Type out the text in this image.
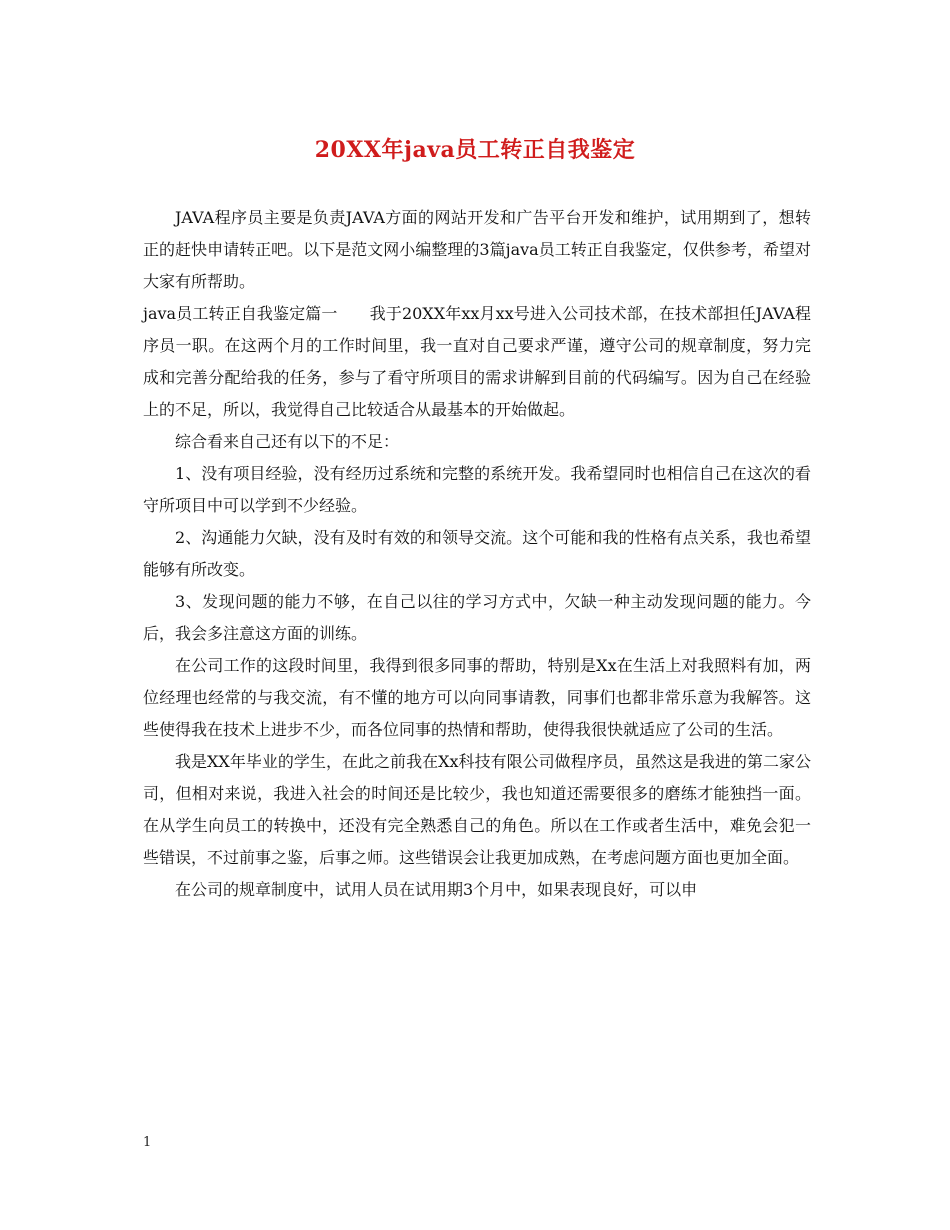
20XX年java员工转正自我鉴定

JAVA程序员主要是负责JAVA方面的网站开发和广告平台开发和维护，试用期到了，想转正的赶快申请转正吧。以下是范文网小编整理的3篇java员工转正自我鉴定，仅供参考，希望对大家有所帮助。

java员工转正自我鉴定篇一　　我于20XX年xx月xx号进入公司技术部，在技术部担任JAVA程序员一职。在这两个月的工作时间里，我一直对自己要求严谨，遵守公司的规章制度，努力完成和完善分配给我的任务，参与了看守所项目的需求讲解到目前的代码编写。因为自己在经验上的不足，所以，我觉得自己比较适合从最基本的开始做起。

综合看来自己还有以下的不足：

1、没有项目经验，没有经历过系统和完整的系统开发。我希望同时也相信自己在这次的看守所项目中可以学到不少经验。

2、沟通能力欠缺，没有及时有效的和领导交流。这个可能和我的性格有点关系，我也希望能够有所改变。

3、发现问题的能力不够，在自己以往的学习方式中，欠缺一种主动发现问题的能力。今后，我会多注意这方面的训练。

在公司工作的这段时间里，我得到很多同事的帮助，特别是Xx在生活上对我照料有加，两位经理也经常的与我交流，有不懂的地方可以向同事请教，同事们也都非常乐意为我解答。这些使得我在技术上进步不少，而各位同事的热情和帮助，使得我很快就适应了公司的生活。

我是XX年毕业的学生，在此之前我在Xx科技有限公司做程序员，虽然这是我进的第二家公司，但相对来说，我进入社会的时间还是比较少，我也知道还需要很多的磨练才能独挡一面。在从学生向员工的转换中，还没有完全熟悉自己的角色。所以在工作或者生活中，难免会犯一些错误，不过前事之鉴，后事之师。这些错误会让我更加成熟，在考虑问题方面也更加全面。

在公司的规章制度中，试用人员在试用期3个月中，如果表现良好，可以申

1
